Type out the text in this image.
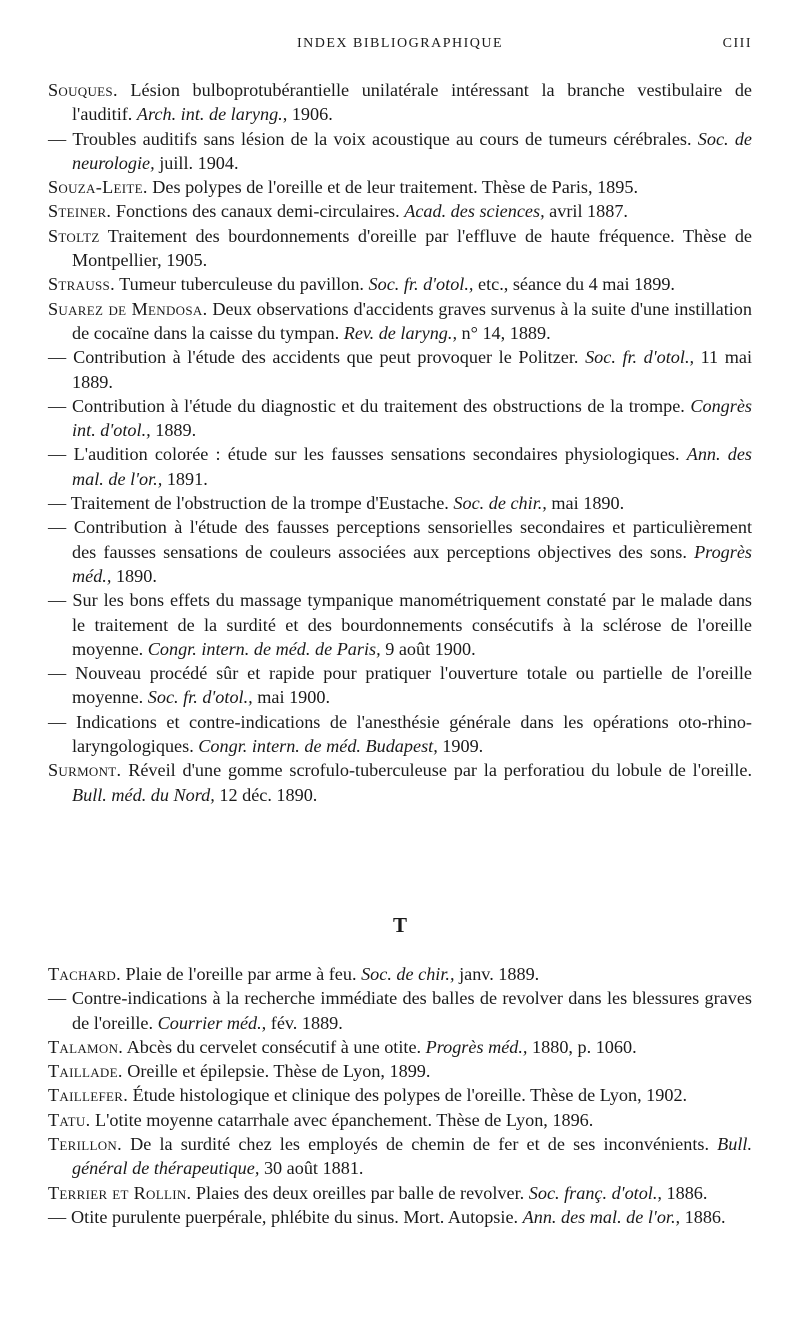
INDEX BIBLIOGRAPHIQUE	CIII

Souques. Lésion bulboprotubérantielle unilatérale intéressant la branche vestibulaire de l'auditif. Arch. int. de laryng., 1906.

— Troubles auditifs sans lésion de la voix acoustique au cours de tumeurs cérébrales. Soc. de neurologie, juill. 1904.

Souza-Leite. Des polypes de l'oreille et de leur traitement. Thèse de Paris, 1895.

Steiner. Fonctions des canaux demi-circulaires. Acad. des sciences, avril 1887.

Stoltz Traitement des bourdonnements d'oreille par l'effluve de haute fréquence. Thèse de Montpellier, 1905.

Strauss. Tumeur tuberculeuse du pavillon. Soc. fr. d'otol., etc., séance du 4 mai 1899.

Suarez de Mendosa. Deux observations d'accidents graves survenus à la suite d'une instillation de cocaïne dans la caisse du tympan. Rev. de laryng., n° 14, 1889.

— Contribution à l'étude des accidents que peut provoquer le Politzer. Soc. fr. d'otol., 11 mai 1889.

— Contribution à l'étude du diagnostic et du traitement des obstructions de la trompe. Congrès int. d'otol., 1889.

— L'audition colorée : étude sur les fausses sensations secondaires physiologiques. Ann. des mal. de l'or., 1891.

— Traitement de l'obstruction de la trompe d'Eustache. Soc. de chir., mai 1890.

— Contribution à l'étude des fausses perceptions sensorielles secondaires et particulièrement des fausses sensations de couleurs associées aux perceptions objectives des sons. Progrès méd., 1890.

— Sur les bons effets du massage tympanique manométriquement constaté par le malade dans le traitement de la surdité et des bourdonnements consécutifs à la sclérose de l'oreille moyenne. Congr. intern. de méd. de Paris, 9 août 1900.

— Nouveau procédé sûr et rapide pour pratiquer l'ouverture totale ou partielle de l'oreille moyenne. Soc. fr. d'otol., mai 1900.

— Indications et contre-indications de l'anesthésie générale dans les opérations oto-rhino-laryngologiques. Congr. intern. de méd. Budapest, 1909.

Surmont. Réveil d'une gomme scrofulo-tuberculeuse par la perforatiou du lobule de l'oreille. Bull. méd. du Nord, 12 déc. 1890.

T

Tachard. Plaie de l'oreille par arme à feu. Soc. de chir., janv. 1889.

— Contre-indications à la recherche immédiate des balles de revolver dans les blessures graves de l'oreille. Courrier méd., fév. 1889.

Talamon. Abcès du cervelet consécutif à une otite. Progrès méd., 1880, p. 1060.

Taillade. Oreille et épilepsie. Thèse de Lyon, 1899.

Taillefer. Étude histologique et clinique des polypes de l'oreille. Thèse de Lyon, 1902.

Tatu. L'otite moyenne catarrhale avec épanchement. Thèse de Lyon, 1896.

Terillon. De la surdité chez les employés de chemin de fer et de ses inconvénients. Bull. général de thérapeutique, 30 août 1881.

Terrier et Rollin. Plaies des deux oreilles par balle de revolver. Soc. franç. d'otol., 1886.

— Otite purulente puerpérale, phlébite du sinus. Mort. Autopsie. Ann. des mal. de l'or., 1886.
